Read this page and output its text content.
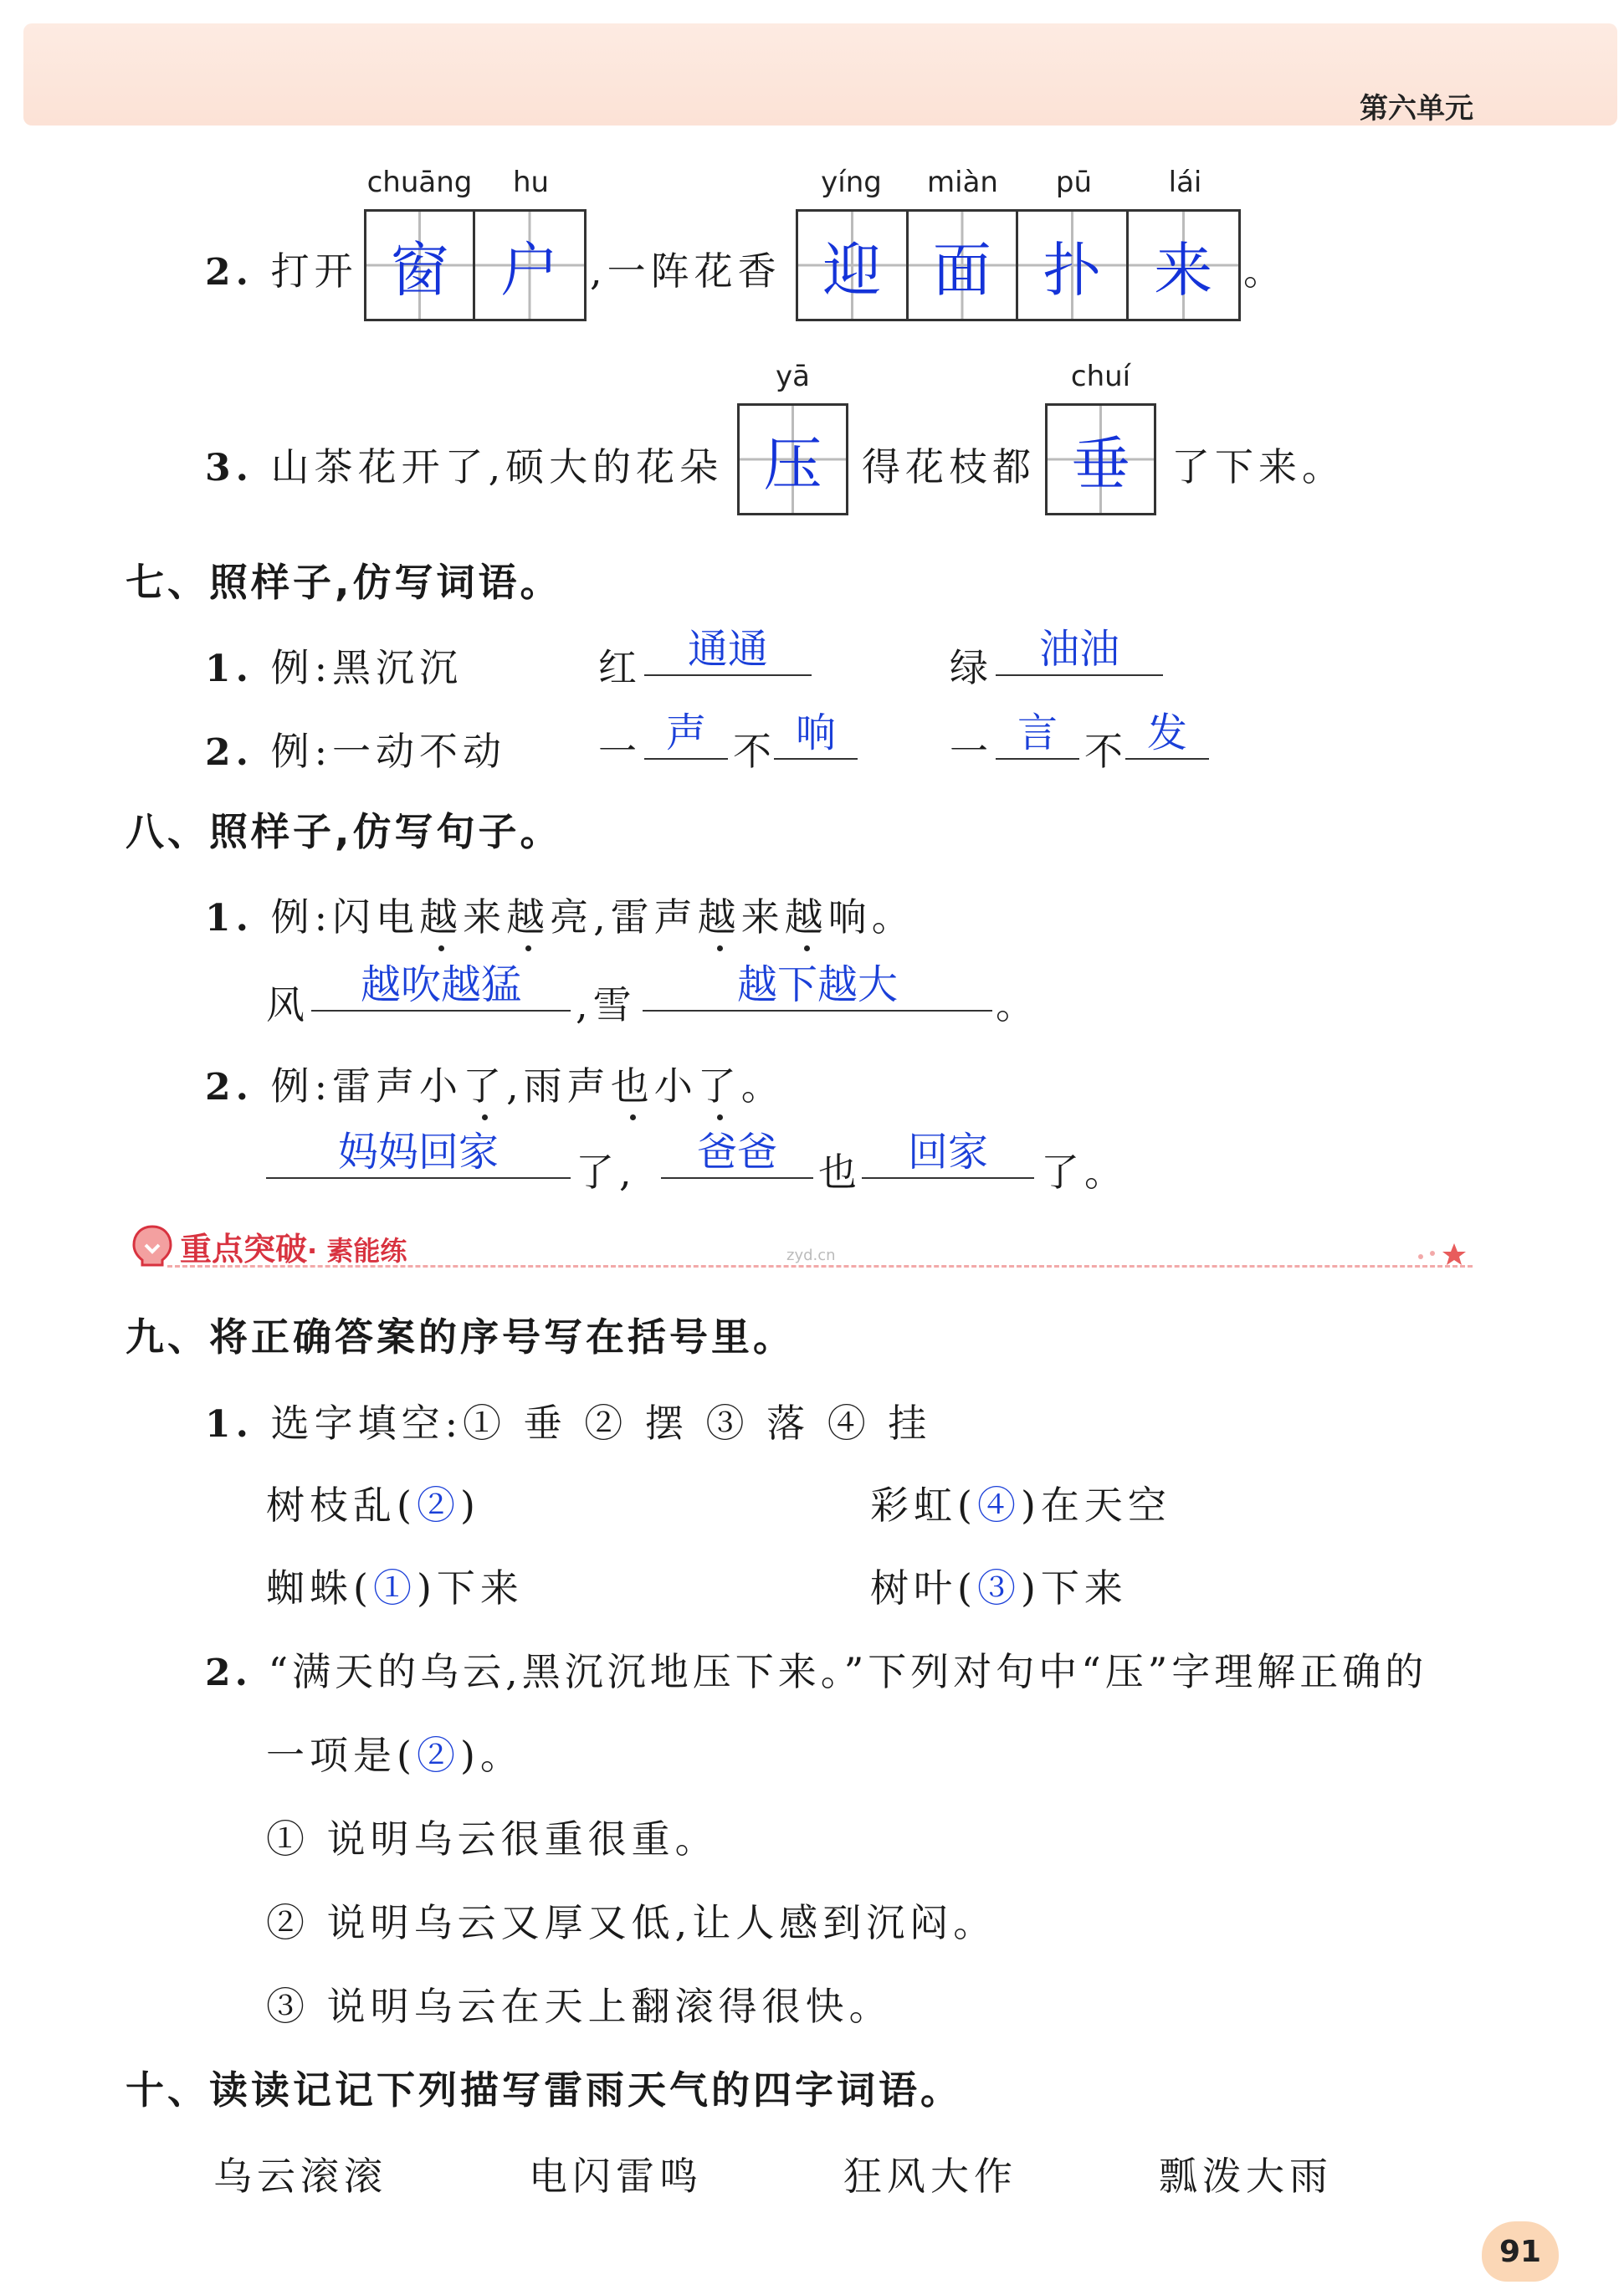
第六单元
chuāng	hu	yíng	miàn	pū	lái
2. 打开 窗 户 ,一阵花香 迎 面 扑 来 。
yā	chuí
3. 山茶花开了,硕大的花朵 压	得花枝都 垂	了下来。
七、照样子,仿写词语。
1. 例:黑沉沉	红	通通	绿	油油
2. 例:一动不动 一 声 不 响	一 言 不 发
八、照样子,仿写句子。
1. 例:闪电越来越亮,雷声越来越响。
风	越吹越猛	,雪	越下越大	。
2. 例:雷声小了,雨声也小了。
妈妈回家	了,	爸爸	也	回家	了。
重点突破· 素能练	zyd.cn
九、将正确答案的序号写在括号里。
1. 选字填空:① 垂 ② 摆 ③ 落 ④ 挂
树枝乱(②)	彩虹(④)在天空
蜘蛛(①)下来	树叶(③)下来
2. “满天的乌云,黑沉沉地压下来。”下列对句中“压”字理解正确的
一项是(②)。
① 说明乌云很重很重。
② 说明乌云又厚又低,让人感到沉闷。
③ 说明乌云在天上翻滚得很快。
十、读读记记下列描写雷雨天气的四字词语。
乌云滚滚	电闪雷鸣	狂风大作	瓢泼大雨
91
